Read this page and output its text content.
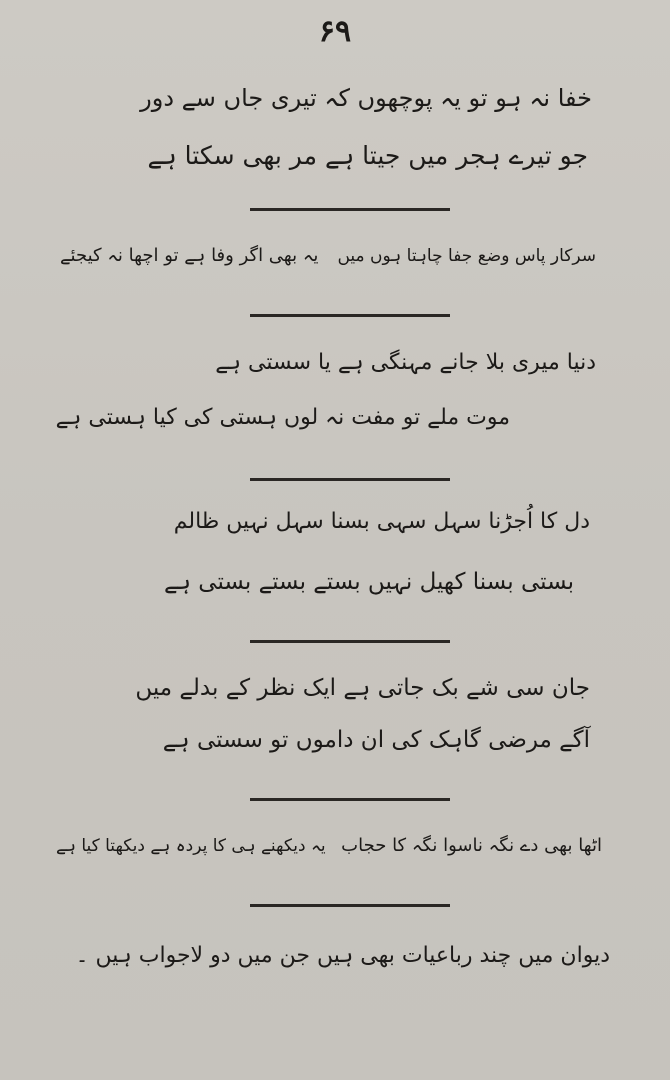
۶۹
خفا نہ ہو تو یہ پوچھوں کہ تیری جاں سے دور
جو تیرے ہجر میں جیتا ہے مر بھی سکتا ہے
سرکار پاس وضع جفا چاہتا ہوں میں
یہ بھی اگر وفا ہے تو اچھا نہ کیجئے
دنیا میری بلا جانے مہنگی ہے یا سستی ہے
موت ملے تو مفت نہ لوں ہستی کی کیا ہستی ہے
دل کا اُجڑنا سہل سہی بسنا سہل نہیں ظالم
بستی بسنا کھیل نہیں بستے بستے بستی ہے
جان سی شے بک جاتی ہے ایک نظر کے بدلے میں
آگے مرضی گاہک کی ان داموں تو سستی ہے
اٹھا بھی دے نگہ ناسوا نگہ کا حجاب
یہ دیکھنے ہی کا پردہ ہے دیکھتا کیا ہے
دیوان میں چند رباعیات بھی ہیں جن میں دو لاجواب ہیں ۔
